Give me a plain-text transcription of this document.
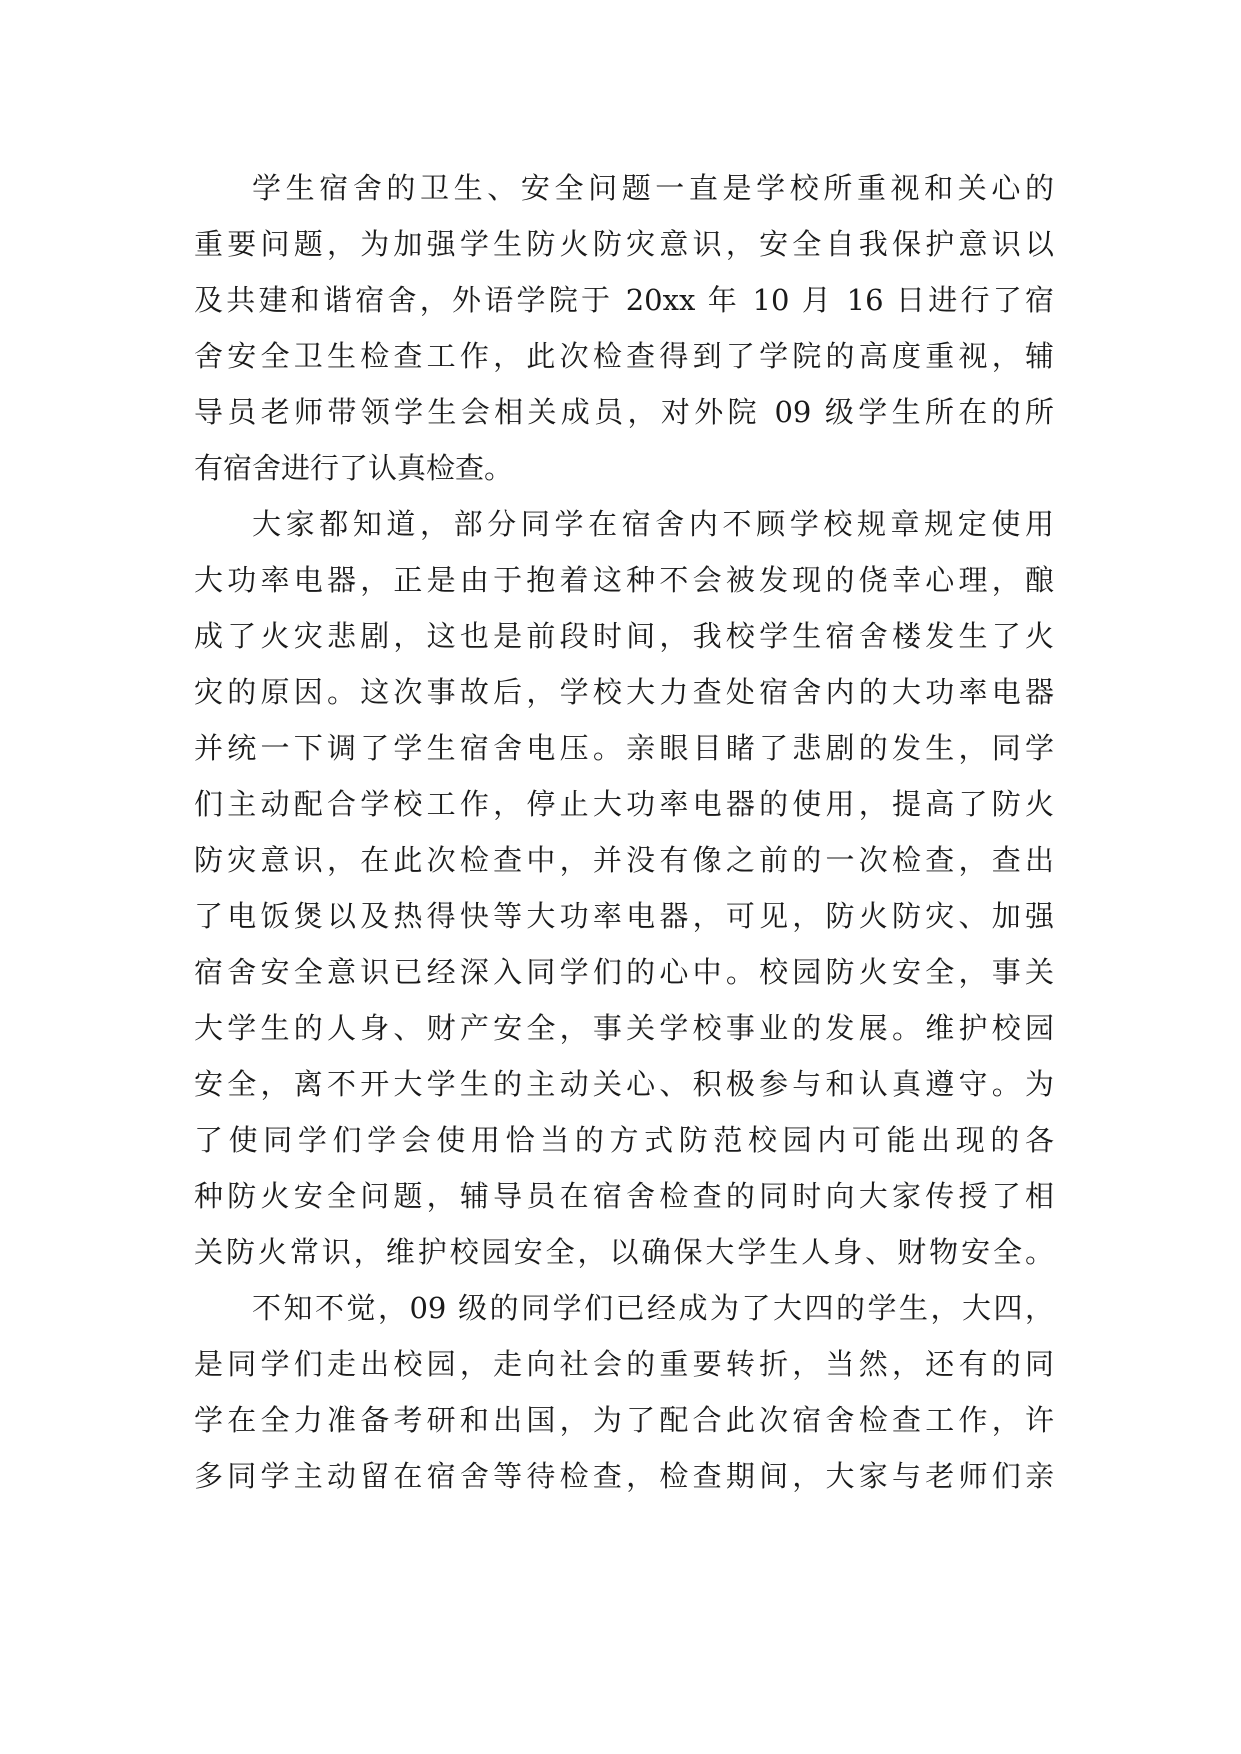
学生宿舍的卫生、安全问题一直是学校所重视和关心的
重要问题，为加强学生防火防灾意识，安全自我保护意识以
及共建和谐宿舍，外语学院于 20xx 年 10 月 16 日进行了宿
舍安全卫生检查工作，此次检查得到了学院的高度重视，辅
导员老师带领学生会相关成员，对外院 09 级学生所在的所
有宿舍进行了认真检查。
大家都知道，部分同学在宿舍内不顾学校规章规定使用
大功率电器，正是由于抱着这种不会被发现的侥幸心理，酿
成了火灾悲剧，这也是前段时间，我校学生宿舍楼发生了火
灾的原因。这次事故后，学校大力查处宿舍内的大功率电器
并统一下调了学生宿舍电压。亲眼目睹了悲剧的发生，同学
们主动配合学校工作，停止大功率电器的使用，提高了防火
防灾意识，在此次检查中，并没有像之前的一次检查，查出
了电饭煲以及热得快等大功率电器，可见，防火防灾、加强
宿舍安全意识已经深入同学们的心中。校园防火安全，事关
大学生的人身、财产安全，事关学校事业的发展。维护校园
安全，离不开大学生的主动关心、积极参与和认真遵守。为
了使同学们学会使用恰当的方式防范校园内可能出现的各
种防火安全问题，辅导员在宿舍检查的同时向大家传授了相
关防火常识，维护校园安全，以确保大学生人身、财物安全。
不知不觉，09 级的同学们已经成为了大四的学生，大四，
是同学们走出校园，走向社会的重要转折，当然，还有的同
学在全力准备考研和出国，为了配合此次宿舍检查工作，许
多同学主动留在宿舍等待检查，检查期间，大家与老师们亲
